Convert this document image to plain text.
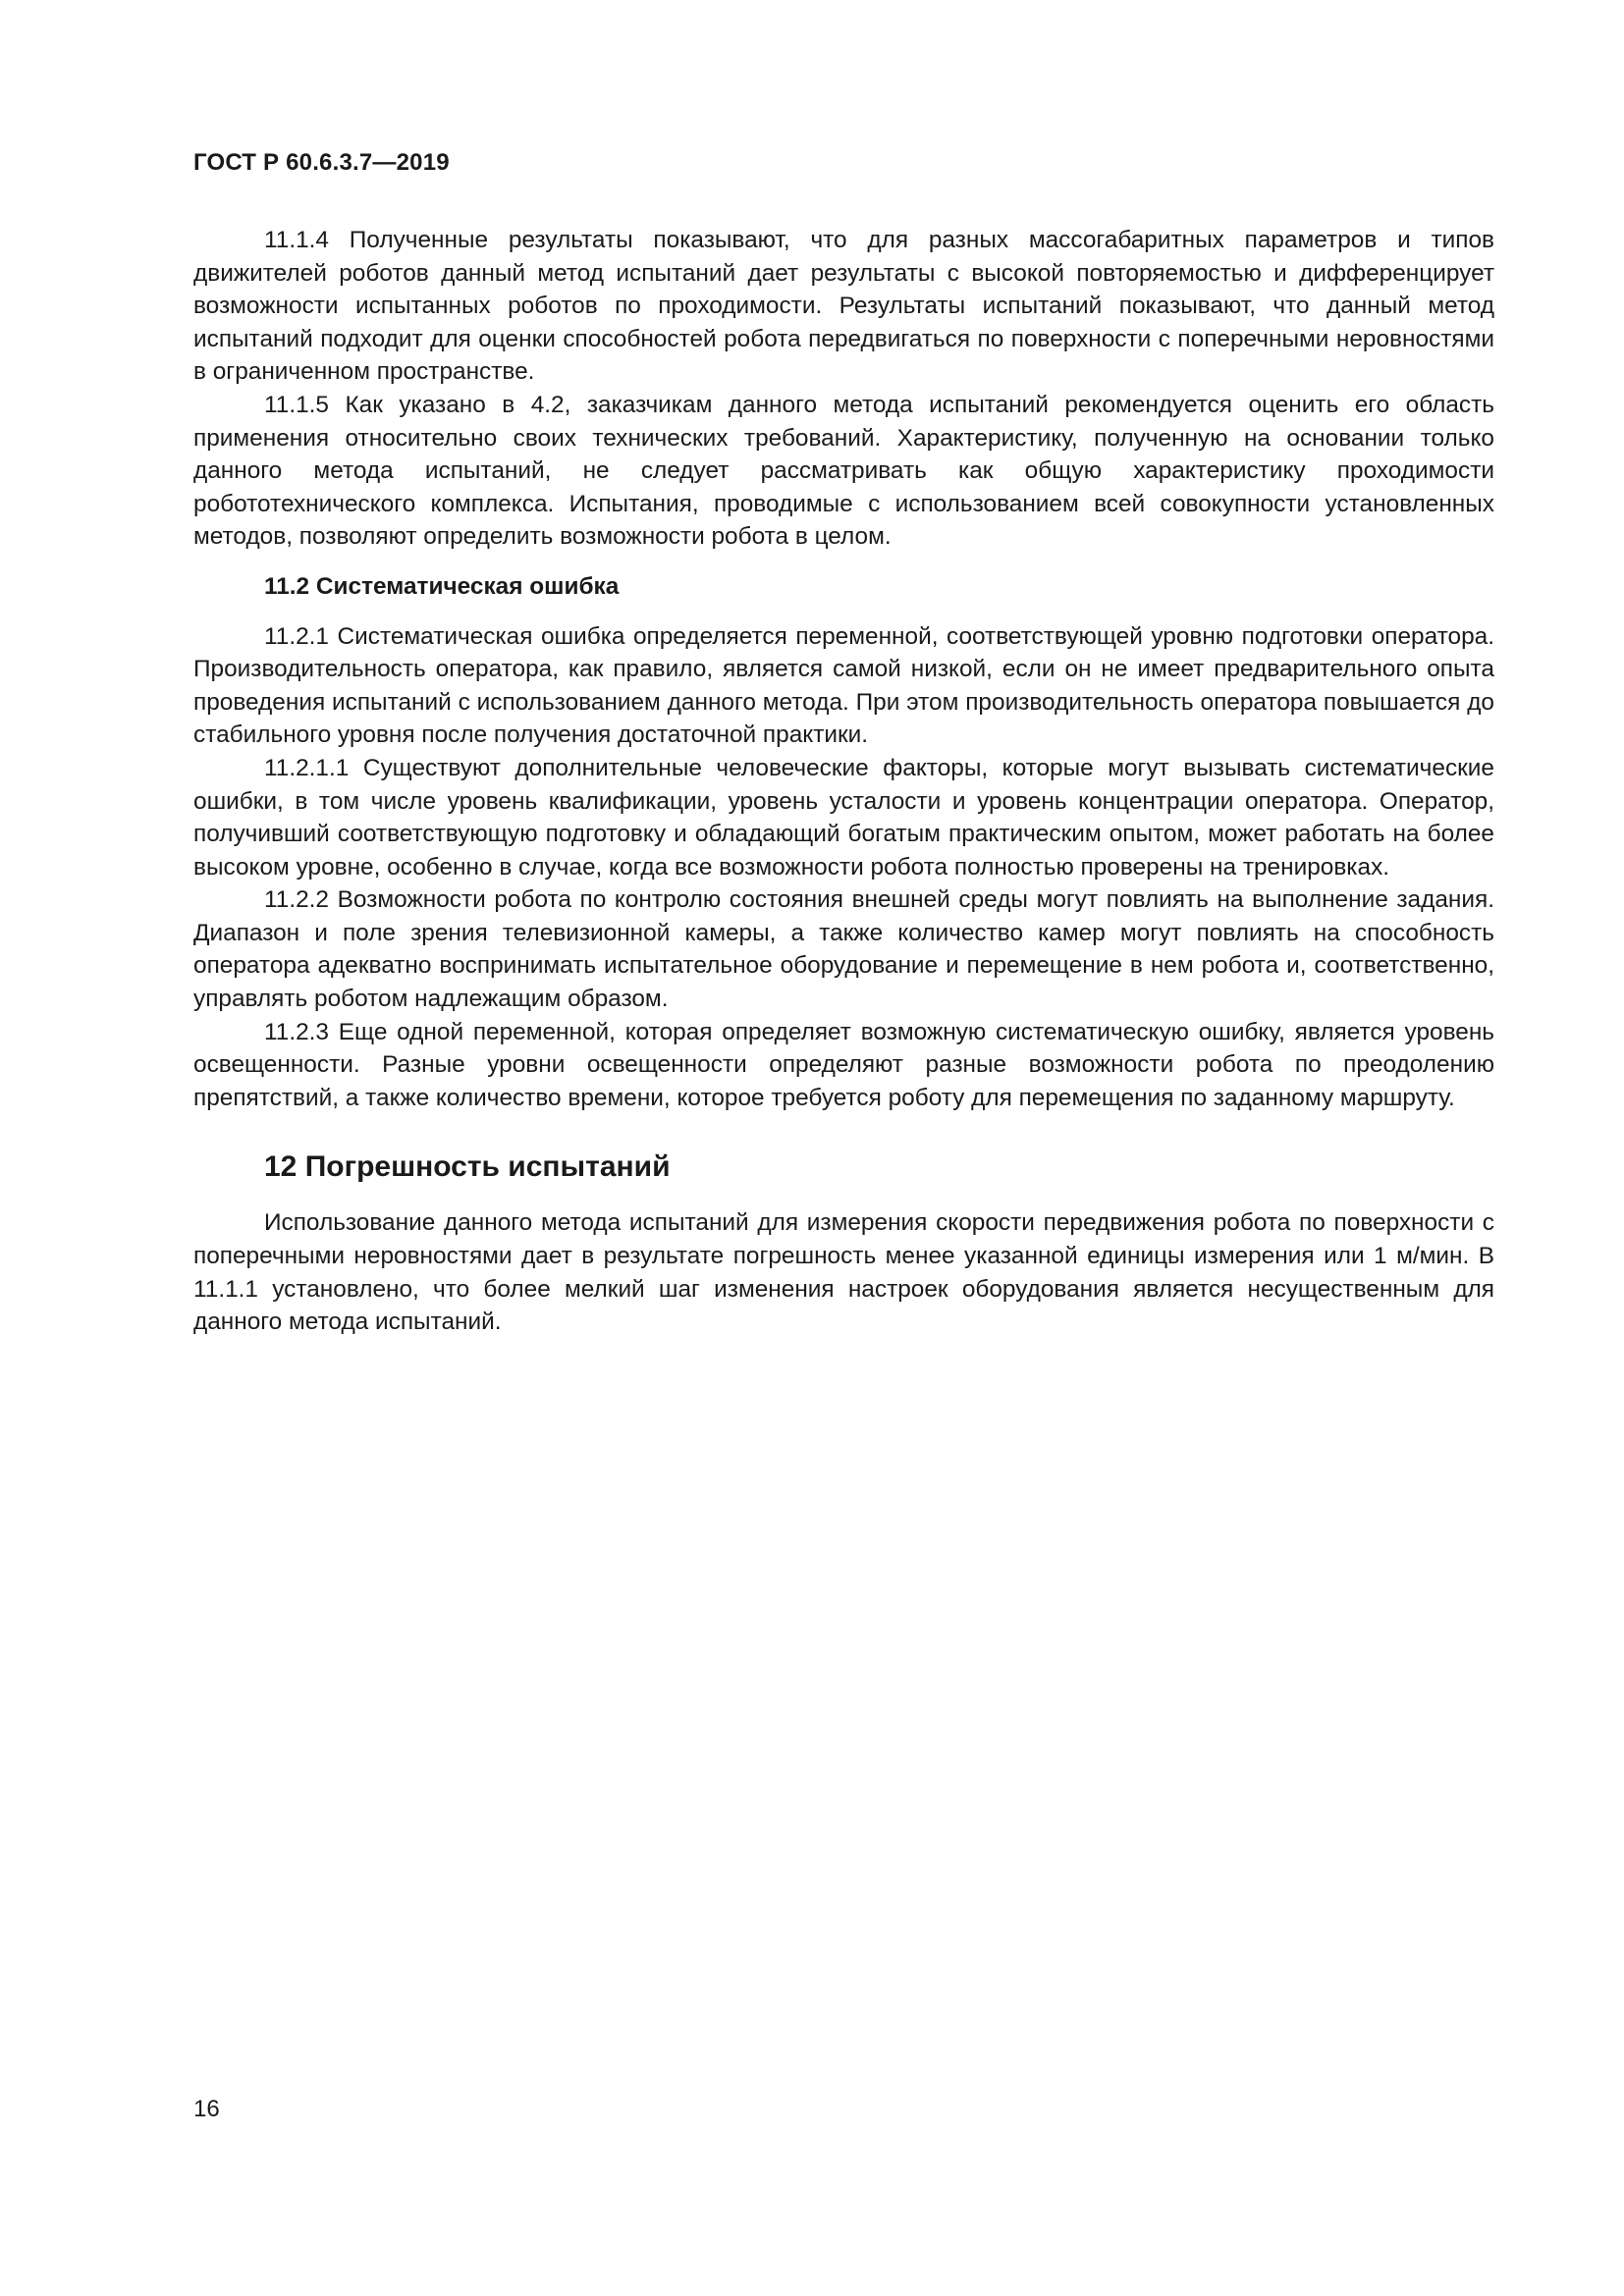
ГОСТ Р 60.6.3.7—2019

11.1.4 Полученные результаты показывают, что для разных массогабаритных параметров и типов движителей роботов данный метод испытаний дает результаты с высокой повторяемостью и дифференцирует возможности испытанных роботов по проходимости. Результаты испытаний показывают, что данный метод испытаний подходит для оценки способностей робота передвигаться по поверхности с поперечными неровностями в ограниченном пространстве.

11.1.5 Как указано в 4.2, заказчикам данного метода испытаний рекомендуется оценить его область применения относительно своих технических требований. Характеристику, полученную на основании только данного метода испытаний, не следует рассматривать как общую характеристику проходимости робототехнического комплекса. Испытания, проводимые с использованием всей совокупности установленных методов, позволяют определить возможности робота в целом.

11.2 Систематическая ошибка

11.2.1 Систематическая ошибка определяется переменной, соответствующей уровню подготовки оператора. Производительность оператора, как правило, является самой низкой, если он не имеет предварительного опыта проведения испытаний с использованием данного метода. При этом производительность оператора повышается до стабильного уровня после получения достаточной практики.

11.2.1.1 Существуют дополнительные человеческие факторы, которые могут вызывать систематические ошибки, в том числе уровень квалификации, уровень усталости и уровень концентрации оператора. Оператор, получивший соответствующую подготовку и обладающий богатым практическим опытом, может работать на более высоком уровне, особенно в случае, когда все возможности робота полностью проверены на тренировках.

11.2.2 Возможности робота по контролю состояния внешней среды могут повлиять на выполнение задания. Диапазон и поле зрения телевизионной камеры, а также количество камер могут повлиять на способность оператора адекватно воспринимать испытательное оборудование и перемещение в нем робота и, соответственно, управлять роботом надлежащим образом.

11.2.3 Еще одной переменной, которая определяет возможную систематическую ошибку, является уровень освещенности. Разные уровни освещенности определяют разные возможности робота по преодолению препятствий, а также количество времени, которое требуется роботу для перемещения по заданному маршруту.

12 Погрешность испытаний

Использование данного метода испытаний для измерения скорости передвижения робота по поверхности с поперечными неровностями дает в результате погрешность менее указанной единицы измерения или 1 м/мин. В 11.1.1 установлено, что более мелкий шаг изменения настроек оборудования является несущественным для данного метода испытаний.

16
